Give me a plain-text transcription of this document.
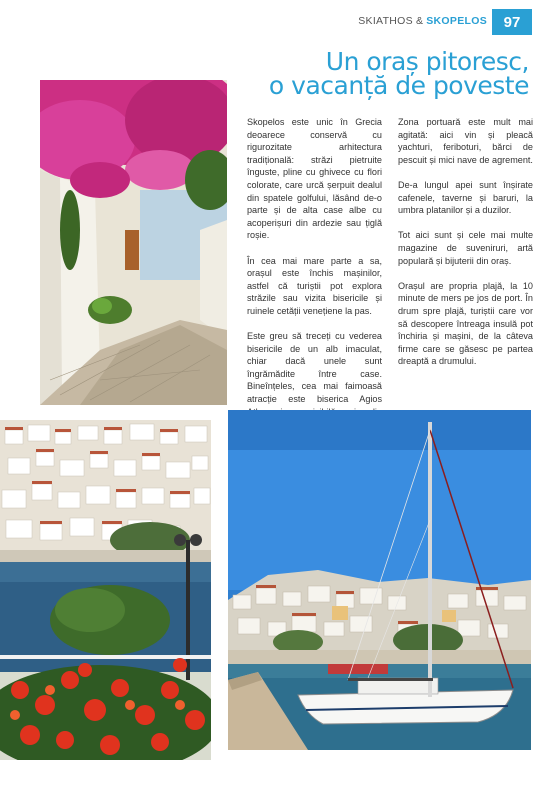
SKIATHOS & SKOPELOS	97
Un oraș pitoresc,
o vacanță de poveste

Skopelos este unic în Grecia deoarece conservă cu rigurozitate arhitectura tradițională: străzi pietruite înguste, pline cu ghivece cu flori colorate, care urcă șerpuit dealul din spatele golfului, lăsând de-o parte și de alta case albe cu acoperișuri din ardezie sau țiglă roșie.

În cea mai mare parte a sa, orașul este închis mașinilor, astfel că turiștii pot explora străzile sau vizita bisericile și ruinele cetății venețiene la pas.

Este greu să treceți cu vederea bisericile de un alb imaculat, chiar dacă unele sunt îngrămădite între case. Bineînțeles, cea mai faimoasă atracție este biserica Agios

Zona portuară este mult mai agitată: aici vin și pleacă yachturi, feriboturi, bărci de pescuit și mici nave de agrement.

De-a lungul apei sunt înșirate cafenele, taverne și baruri, la umbra platanilor și a duzilor.

Tot aici sunt și cele mai multe magazine de suveniruri, artă populară și bijuterii din oraș.

Orașul are propria plajă, la 10 minute de mers pe jos de port. În drum spre plajă, turiștii care vor să descopere întreaga insulă pot închiria și mașini, de la câteva firme care se găsesc pe partea dreaptă a drumului.
